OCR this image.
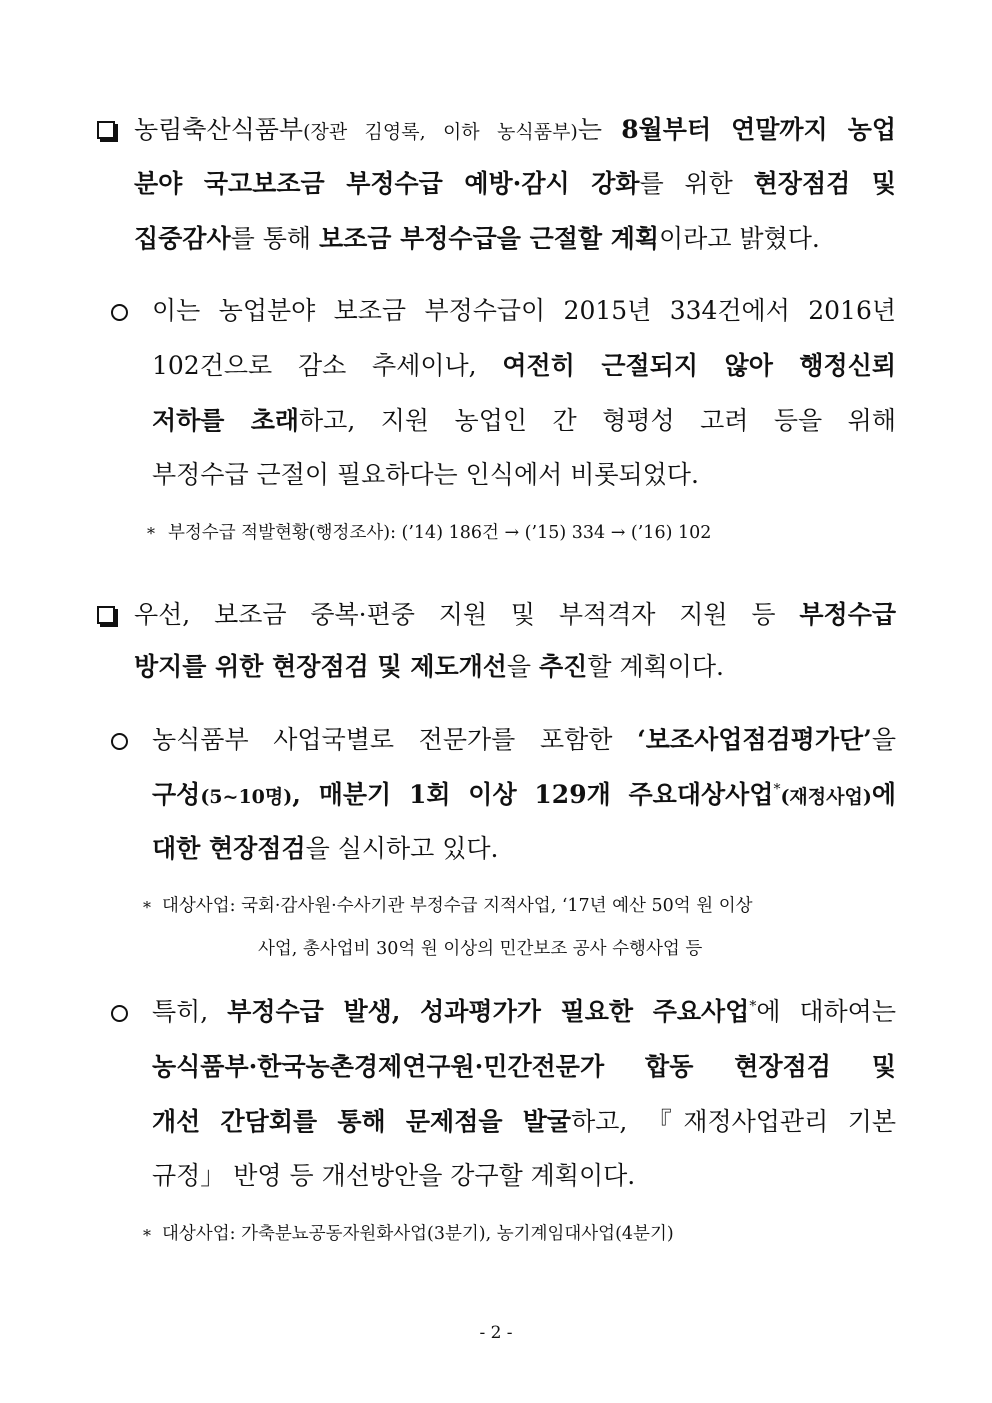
농림축산식품부(장관 김영록, 이하 농식품부)는 8월부터 연말까지 농업
분야 국고보조금 부정수급 예방·감시 강화를 위한 현장점검 및
집중감사를 통해 보조금 부정수급을 근절할 계획이라고 밝혔다.
이는 농업분야 보조금 부정수급이 2015년 334건에서 2016년
102건으로 감소 추세이나, 여전히 근절되지 않아 행정신뢰
저하를 초래하고, 지원 농업인 간 형평성 고려 등을 위해
부정수급 근절이 필요하다는 인식에서 비롯되었다.
* 부정수급 적발현황(행정조사): (’14) 186건 → (’15) 334 → (’16) 102
우선, 보조금 중복·편중 지원 및 부적격자 지원 등 부정수급
방지를 위한 현장점검 및 제도개선을 추진할 계획이다.
농식품부 사업국별로 전문가를 포함한 ‘보조사업점검평가단’을
구성(5~10명), 매분기 1회 이상 129개 주요대상사업*(재정사업)에
대한 현장점검을 실시하고 있다.
* 대상사업: 국회·감사원·수사기관 부정수급 지적사업, ‘17년 예산 50억 원 이상
사업, 총사업비 30억 원 이상의 민간보조 공사 수행사업 등
특히, 부정수급 발생, 성과평가가 필요한 주요사업*에 대하여는
농식품부·한국농촌경제연구원·민간전문가 합동 현장점검 및
개선 간담회를 통해 문제점을 발굴하고, 『재정사업관리 기본
규정」 반영 등 개선방안을 강구할 계획이다.
* 대상사업: 가축분뇨공동자원화사업(3분기), 농기계임대사업(4분기)
- 2 -
